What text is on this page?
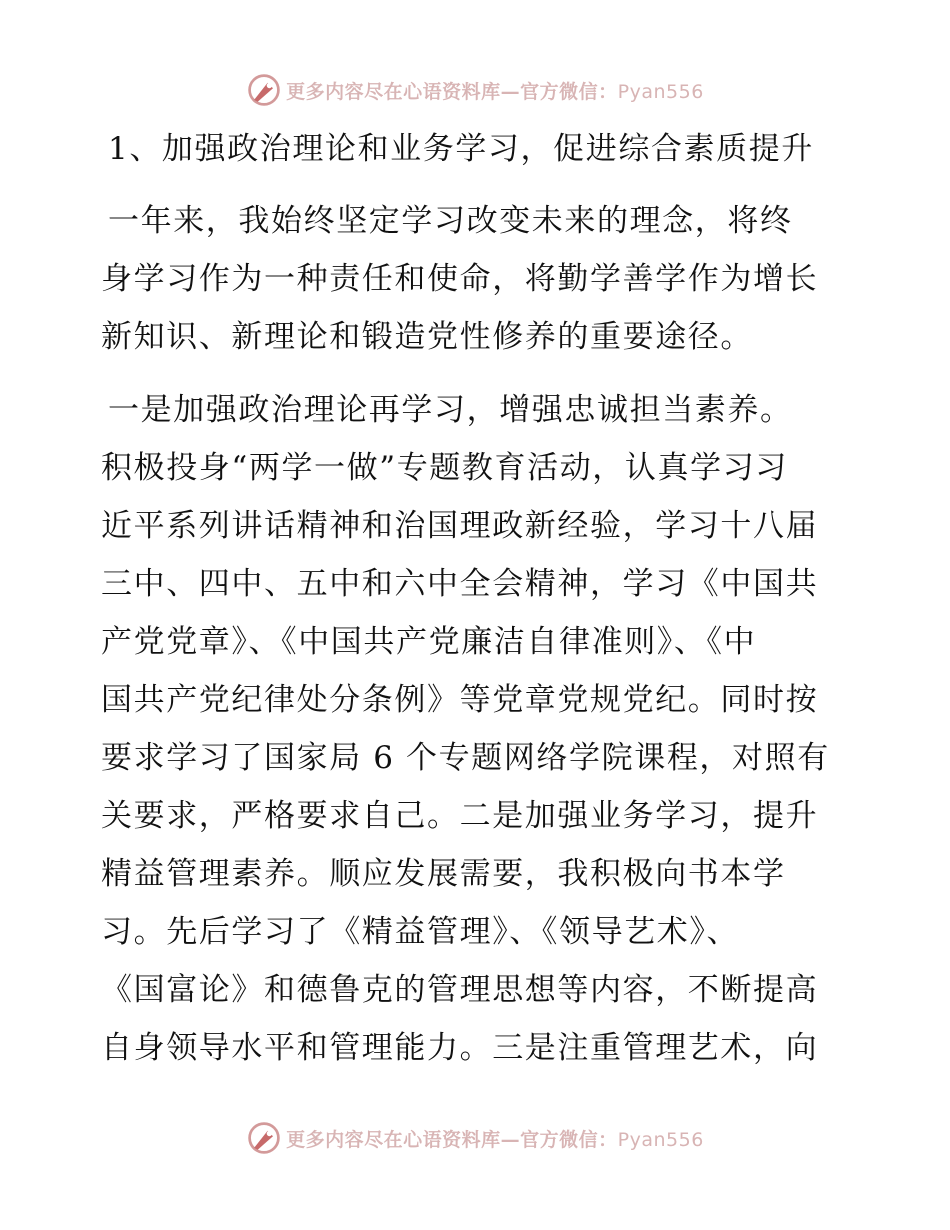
更多内容尽在心语资料库—官方微信：Pyan556
1、加强政治理论和业务学习，促进综合素质提升
一年来，我始终坚定学习改变未来的理念，将终
身学习作为一种责任和使命，将勤学善学作为增长
新知识、新理论和锻造党性修养的重要途径。
一是加强政治理论再学习，增强忠诚担当素养。
积极投身“两学一做”专题教育活动，认真学习习
近平系列讲话精神和治国理政新经验，学习十八届
三中、四中、五中和六中全会精神，学习《中国共
产党党章》、《中国共产党廉洁自律准则》、《中
国共产党纪律处分条例》等党章党规党纪。同时按
要求学习了国家局 6 个专题网络学院课程，对照有
关要求，严格要求自己。二是加强业务学习，提升
精益管理素养。顺应发展需要，我积极向书本学
习。先后学习了《精益管理》、《领导艺术》、
《国富论》和德鲁克的管理思想等内容，不断提高
自身领导水平和管理能力。三是注重管理艺术，向
更多内容尽在心语资料库—官方微信：Pyan556
